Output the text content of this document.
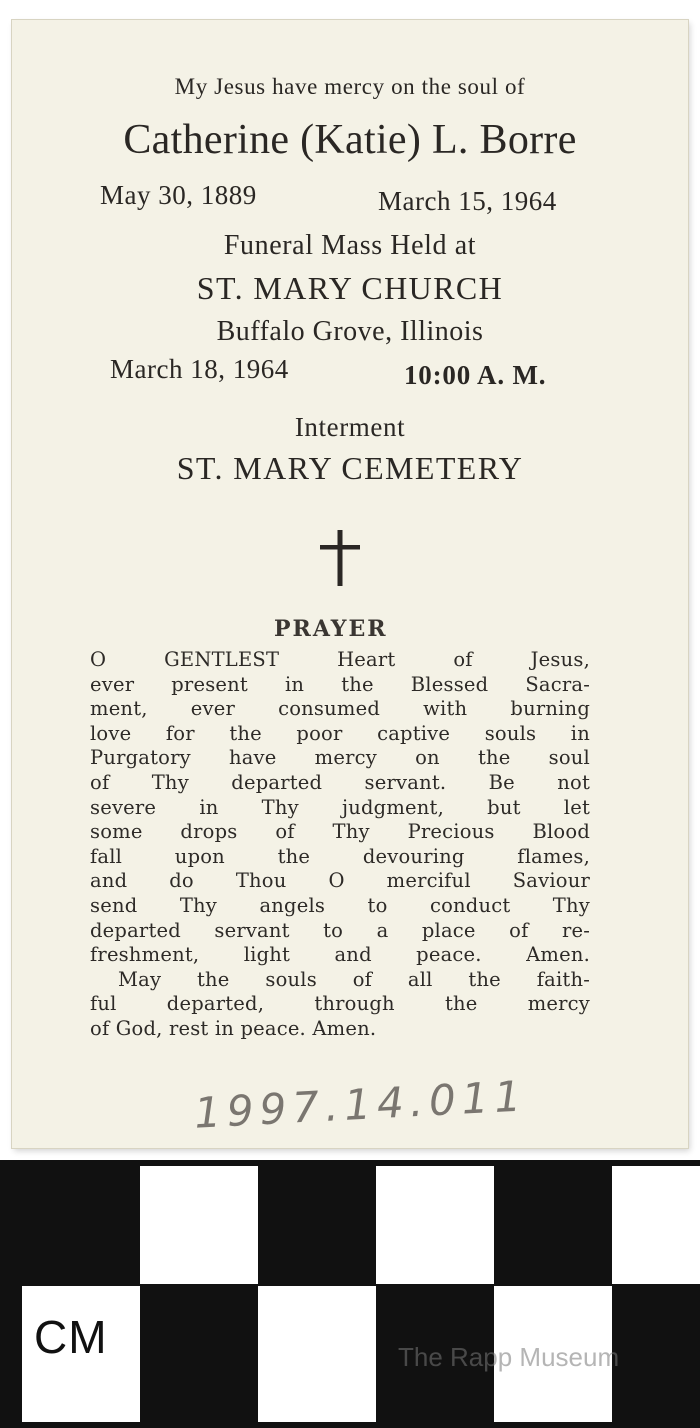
My Jesus have mercy on the soul of
Catherine (Katie) L. Borre
May 30, 1889	March 15, 1964
Funeral Mass Held at
ST. MARY CHURCH
Buffalo Grove, Illinois
March 18, 1964	10:00 A. M.
Interment
ST. MARY CEMETERY
PRAYER
O GENTLEST Heart of Jesus,
ever present in the Blessed Sacra-
ment, ever consumed with burning
love for the poor captive souls in
Purgatory have mercy on the soul
of Thy departed servant. Be not
severe in Thy judgment, but let
some drops of Thy Precious Blood
fall upon the devouring flames,
and do Thou O merciful Saviour
send Thy angels to conduct Thy
departed servant to a place of re-
freshment, light and peace. Amen.
May the souls of all the faith-
ful departed, through the mercy
of God, rest in peace. Amen.
1997.14.011
CM	The Rapp Museum
